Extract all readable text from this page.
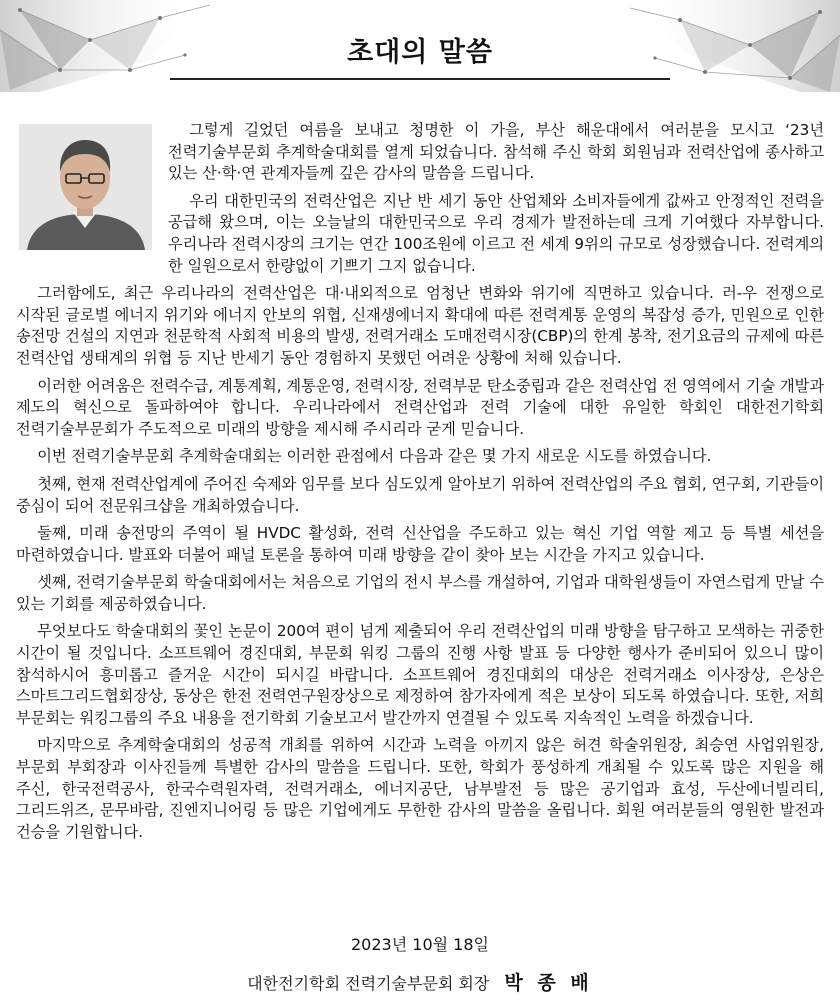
초대의 말씀

그렇게 길었던 여름을 보내고 청명한 이 가을, 부산 해운대에서 여러분을 모시고 ‘23년 전력기술부문회 추계학술대회를 열게 되었습니다. 참석해 주신 학회 회원님과 전력산업에 종사하고 있는 산·학·연 관계자들께 깊은 감사의 말씀을 드립니다.

우리 대한민국의 전력산업은 지난 반 세기 동안 산업체와 소비자들에게 값싸고 안정적인 전력을 공급해 왔으며, 이는 오늘날의 대한민국으로 우리 경제가 발전하는데 크게 기여했다 자부합니다. 우리나라 전력시장의 크기는 연간 100조원에 이르고 전 세계 9위의 규모로 성장했습니다. 전력계의 한 일원으로서 한량없이 기쁘기 그지 없습니다.

그러함에도, 최근 우리나라의 전력산업은 대·내외적으로 엄청난 변화와 위기에 직면하고 있습니다. 러-우 전쟁으로 시작된 글로벌 에너지 위기와 에너지 안보의 위협, 신재생에너지 확대에 따른 전력계통 운영의 복잡성 증가, 민원으로 인한 송전망 건설의 지연과 천문학적 사회적 비용의 발생, 전력거래소 도매전력시장(CBP)의 한계 봉착, 전기요금의 규제에 따른 전력산업 생태계의 위협 등 지난 반세기 동안 경험하지 못했던 어려운 상황에 처해 있습니다.

이러한 어려움은 전력수급, 계통계획, 계통운영, 전력시장, 전력부문 탄소중립과 같은 전력산업 전 영역에서 기술 개발과 제도의 혁신으로 돌파하여야 합니다. 우리나라에서 전력산업과 전력 기술에 대한 유일한 학회인 대한전기학회 전력기술부문회가 주도적으로 미래의 방향을 제시해 주시리라 굳게 믿습니다.

이번 전력기술부문회 추계학술대회는 이러한 관점에서 다음과 같은 몇 가지 새로운 시도를 하였습니다.

첫째, 현재 전력산업계에 주어진 숙제와 임무를 보다 심도있게 알아보기 위하여 전력산업의 주요 협회, 연구회, 기관들이 중심이 되어 전문워크샵을 개최하였습니다.

둘째, 미래 송전망의 주역이 될 HVDC 활성화, 전력 신산업을 주도하고 있는 혁신 기업 역할 제고 등 특별 세션을 마련하였습니다. 발표와 더불어 패널 토론을 통하여 미래 방향을 같이 찾아 보는 시간을 가지고 있습니다.

셋째, 전력기술부문회 학술대회에서는 처음으로 기업의 전시 부스를 개설하여, 기업과 대학원생들이 자연스럽게 만날 수 있는 기회를 제공하였습니다.

무엇보다도 학술대회의 꽃인 논문이 200여 편이 넘게 제출되어 우리 전력산업의 미래 방향을 탐구하고 모색하는 귀중한 시간이 될 것입니다. 소프트웨어 경진대회, 부문회 워킹 그룹의 진행 사항 발표 등 다양한 행사가 준비되어 있으니 많이 참석하시어 흥미롭고 즐거운 시간이 되시길 바랍니다. 소프트웨어 경진대회의 대상은 전력거래소 이사장상, 은상은 스마트그리드협회장상, 동상은 한전 전력연구원장상으로 제정하여 참가자에게 적은 보상이 되도록 하였습니다. 또한, 저희 부문회는 워킹그룹의 주요 내용을 전기학회 기술보고서 발간까지 연결될 수 있도록 지속적인 노력을 하겠습니다.

마지막으로 추계학술대회의 성공적 개최를 위하여 시간과 노력을 아끼지 않은 허견 학술위원장, 최승연 사업위원장, 부문회 부회장과 이사진들께 특별한 감사의 말씀을 드립니다. 또한, 학회가 풍성하게 개최될 수 있도록 많은 지원을 해 주신, 한국전력공사, 한국수력원자력, 전력거래소, 에너지공단, 남부발전 등 많은 공기업과 효성, 두산에너빌리티, 그리드위즈, 문무바람, 진엔지니어링 등 많은 기업에게도 무한한 감사의 말씀을 올립니다. 회원 여러분들의 영원한 발전과 건승을 기원합니다.

2023년 10월 18일
대한전기학회 전력기술부문회 회장 박 종 배
